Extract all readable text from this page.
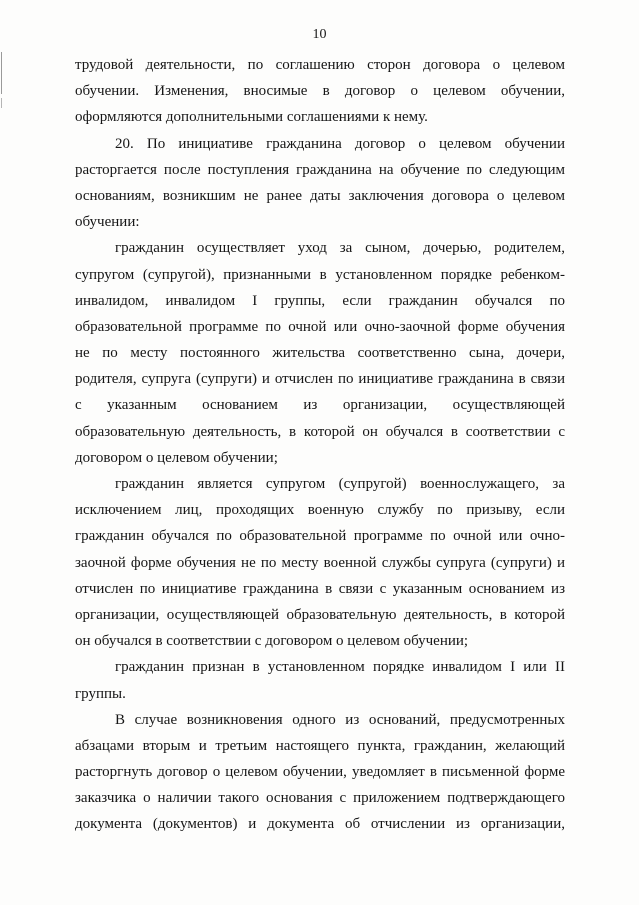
10
трудовой деятельности, по соглашению сторон договора о целевом
обучении. Изменения, вносимые в договор о целевом обучении,
оформляются дополнительными соглашениями к нему.
20. По инициативе гражданина договор о целевом обучении
расторгается после поступления гражданина на обучение по следующим
основаниям, возникшим не ранее даты заключения договора о целевом
обучении:
гражданин осуществляет уход за сыном, дочерью, родителем,
супругом (супругой), признанными в установленном порядке ребенком-
инвалидом, инвалидом I группы, если гражданин обучался по
образовательной программе по очной или очно-заочной форме обучения
не по месту постоянного жительства соответственно сына, дочери,
родителя, супруга (супруги) и отчислен по инициативе гражданина в связи
с указанным основанием из организации, осуществляющей
образовательную деятельность, в которой он обучался в соответствии с
договором о целевом обучении;
гражданин является супругом (супругой) военнослужащего, за
исключением лиц, проходящих военную службу по призыву, если
гражданин обучался по образовательной программе по очной или очно-
заочной форме обучения не по месту военной службы супруга (супруги) и
отчислен по инициативе гражданина в связи с указанным основанием из
организации, осуществляющей образовательную деятельность, в которой
он обучался в соответствии с договором о целевом обучении;
гражданин признан в установленном порядке инвалидом I или II
группы.
В случае возникновения одного из оснований, предусмотренных
абзацами вторым и третьим настоящего пункта, гражданин, желающий
расторгнуть договор о целевом обучении, уведомляет в письменной форме
заказчика о наличии такого основания с приложением подтверждающего
документа (документов) и документа об отчислении из организации,
